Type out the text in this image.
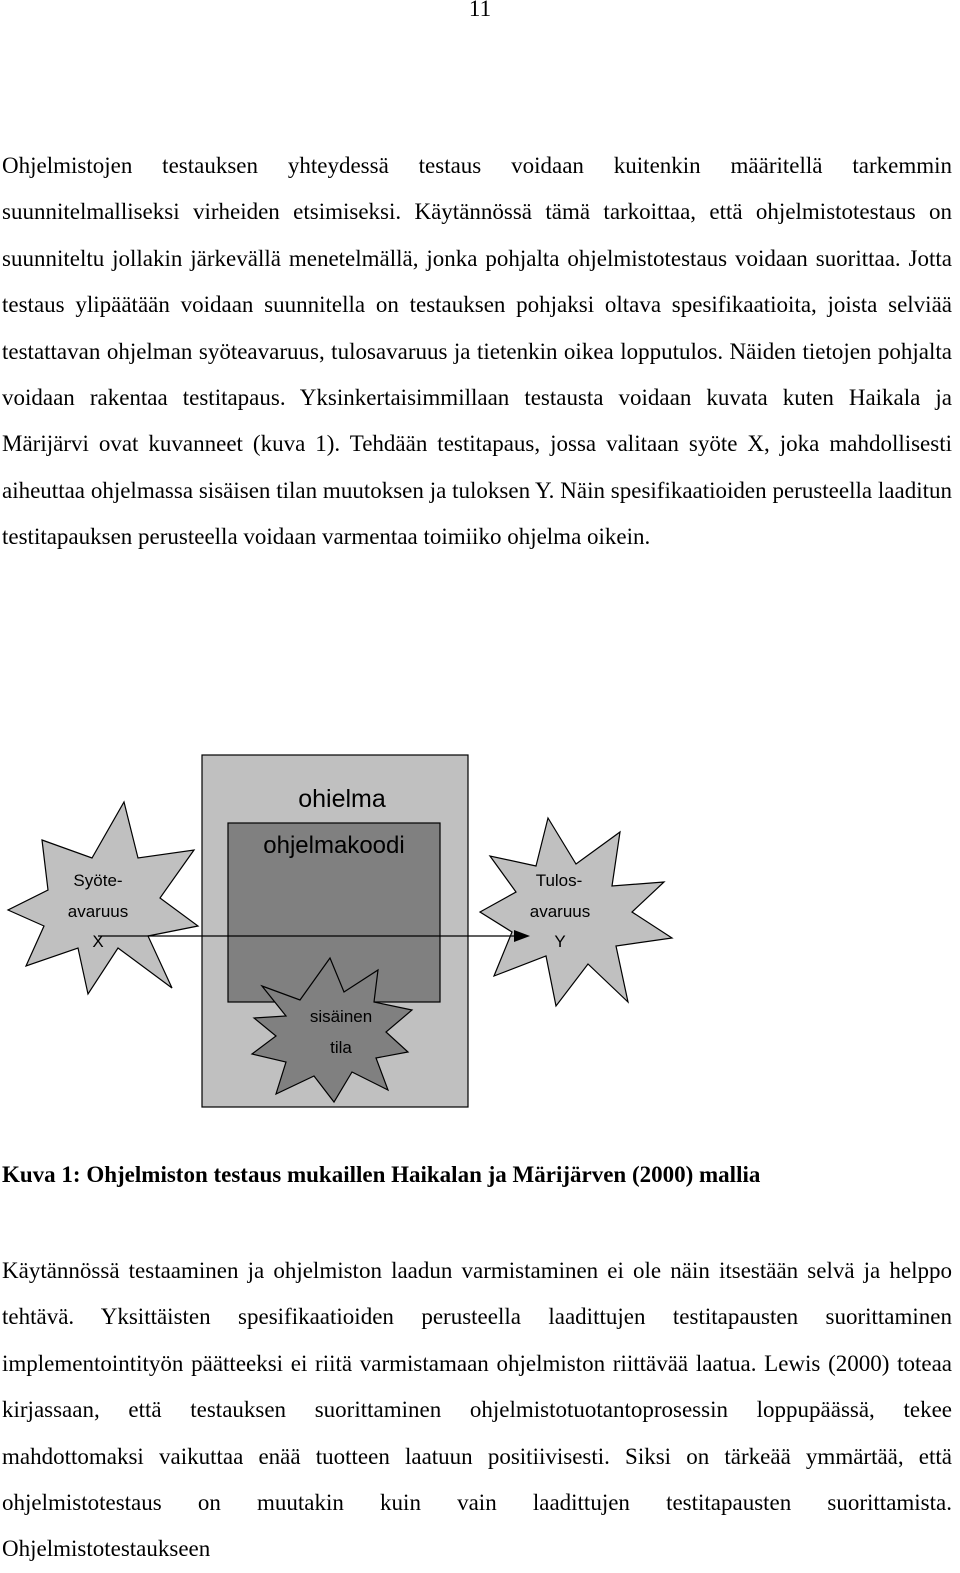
11

Ohjelmistojen testauksen yhteydessä testaus voidaan kuitenkin määritellä tarkemmin suunnitelmalliseksi virheiden etsimiseksi. Käytännössä tämä tarkoittaa, että ohjelmistotestaus on suunniteltu jollakin järkevällä menetelmällä, jonka pohjalta ohjelmistotestaus voidaan suorittaa. Jotta testaus ylipäätään voidaan suunnitella on testauksen pohjaksi oltava spesifikaatioita, joista selviää testattavan ohjelman syöteavaruus, tulosavaruus ja tietenkin oikea lopputulos. Näiden tietojen pohjalta voidaan rakentaa testitapaus. Yksinkertaisimmillaan testausta voidaan kuvata kuten Haikala ja Märijärvi ovat kuvanneet (kuva 1). Tehdään testitapaus, jossa valitaan syöte X, joka mahdollisesti aiheuttaa ohjelmassa sisäisen tilan muutoksen ja tuloksen Y. Näin spesifikaatioiden perusteella laaditun testitapauksen perusteella voidaan varmentaa toimiiko ohjelma oikein.

ohielma
ohjelmakoodi
Syöte-
avaruus
X
Tulos-
avaruus
Y
sisäinen
tila
Kuva 1: Ohjelmiston testaus mukaillen Haikalan ja Märijärven (2000) mallia

Käytännössä testaaminen ja ohjelmiston laadun varmistaminen ei ole näin itsestään selvä ja helppo tehtävä. Yksittäisten spesifikaatioiden perusteella laadittujen testitapausten suorittaminen implementointityön päätteeksi ei riitä varmistamaan ohjelmiston riittävää laatua. Lewis (2000) toteaa kirjassaan, että testauksen suorittaminen ohjelmistotuotantoprosessin loppupäässä, tekee mahdottomaksi vaikuttaa enää tuotteen laatuun positiivisesti. Siksi on tärkeää ymmärtää, että ohjelmistotestaus on muutakin kuin vain laadittujen testitapausten suorittamista. Ohjelmistotestaukseen
